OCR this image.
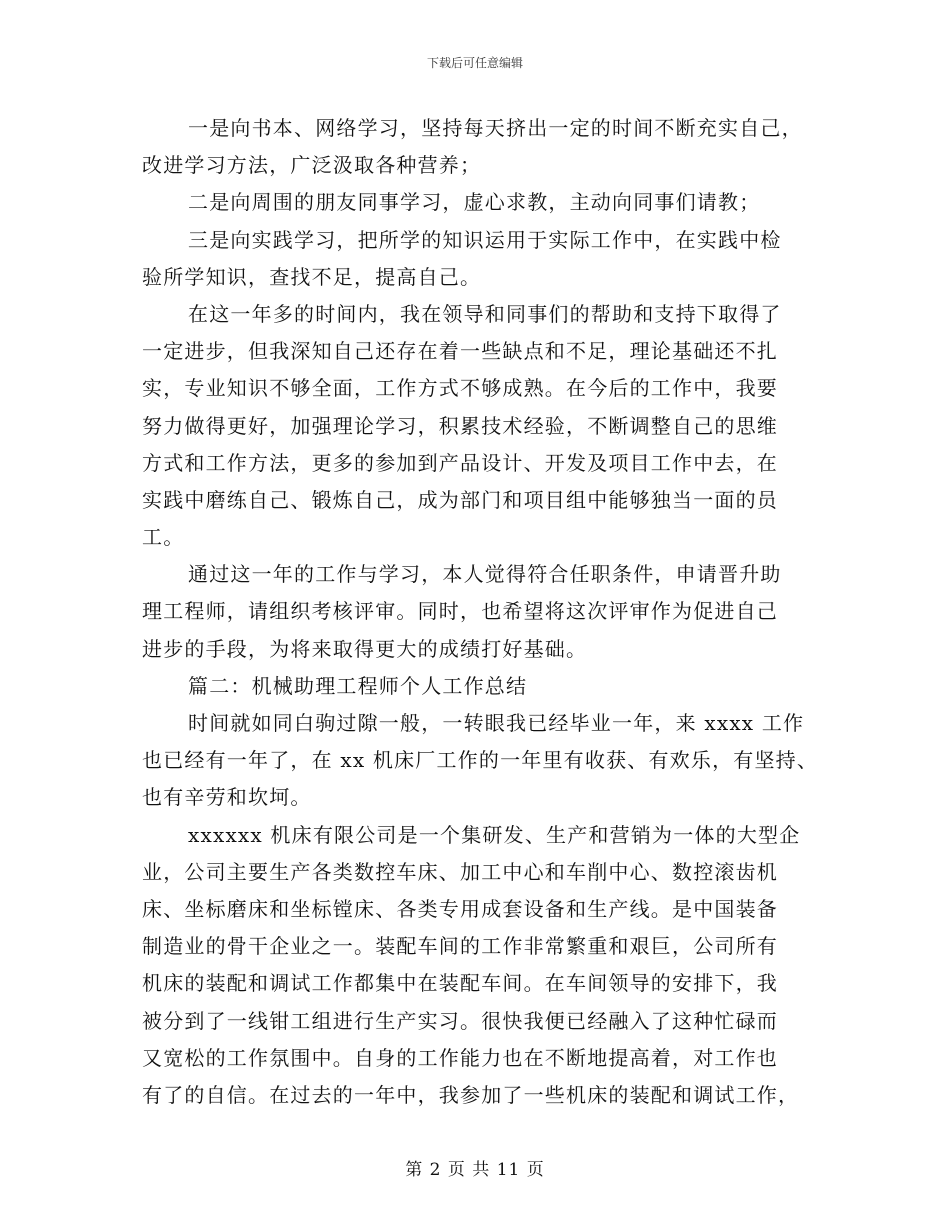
下载后可任意编辑
一是向书本、网络学习，坚持每天挤出一定的时间不断充实自己，
改进学习方法，广泛汲取各种营养；
二是向周围的朋友同事学习，虚心求教，主动向同事们请教；
三是向实践学习，把所学的知识运用于实际工作中，在实践中检
验所学知识，查找不足，提高自己。
在这一年多的时间内，我在领导和同事们的帮助和支持下取得了
一定进步，但我深知自己还存在着一些缺点和不足，理论基础还不扎
实，专业知识不够全面，工作方式不够成熟。在今后的工作中，我要
努力做得更好，加强理论学习，积累技术经验，不断调整自己的思维
方式和工作方法，更多的参加到产品设计、开发及项目工作中去，在
实践中磨练自己、锻炼自己，成为部门和项目组中能够独当一面的员
工。
通过这一年的工作与学习，本人觉得符合任职条件，申请晋升助
理工程师，请组织考核评审。同时，也希望将这次评审作为促进自己
进步的手段，为将来取得更大的成绩打好基础。
篇二：机械助理工程师个人工作总结
时间就如同白驹过隙一般，一转眼我已经毕业一年，来 xxxx 工作
也已经有一年了，在 xx 机床厂工作的一年里有收获、有欢乐，有坚持、
也有辛劳和坎坷。
xxxxxx 机床有限公司是一个集研发、生产和营销为一体的大型企
业，公司主要生产各类数控车床、加工中心和车削中心、数控滚齿机
床、坐标磨床和坐标镗床、各类专用成套设备和生产线。是中国装备
制造业的骨干企业之一。装配车间的工作非常繁重和艰巨，公司所有
机床的装配和调试工作都集中在装配车间。在车间领导的安排下，我
被分到了一线钳工组进行生产实习。很快我便已经融入了这种忙碌而
又宽松的工作氛围中。自身的工作能力也在不断地提高着，对工作也
有了的自信。在过去的一年中，我参加了一些机床的装配和调试工作，
第 2 页 共 11 页
